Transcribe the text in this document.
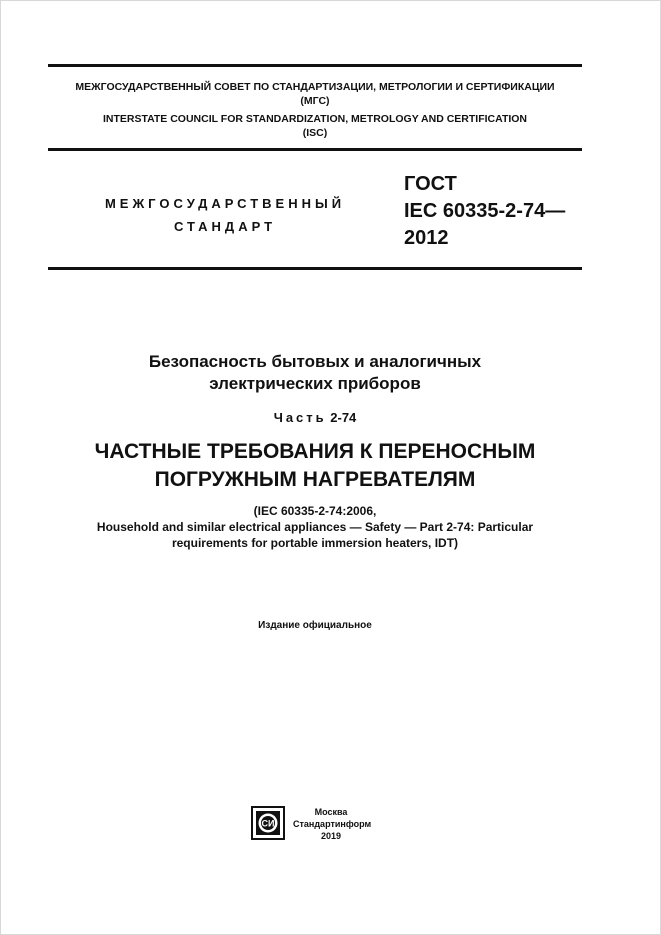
МЕЖГОСУДАРСТВЕННЫЙ СОВЕТ ПО СТАНДАРТИЗАЦИИ, МЕТРОЛОГИИ И СЕРТИФИКАЦИИ
(МГС)
INTERSTATE COUNCIL FOR STANDARDIZATION, METROLOGY AND CERTIFICATION
(ISC)
МЕЖГОСУДАРСТВЕННЫЙ
СТАНДАРТ
ГОСТ
IEC 60335-2-74—
2012
Безопасность бытовых и аналогичных
электрических приборов
Часть 2-74
ЧАСТНЫЕ ТРЕБОВАНИЯ К ПЕРЕНОСНЫМ
ПОГРУЖНЫМ НАГРЕВАТЕЛЯМ
(IEC 60335-2-74:2006,
Household and similar electrical appliances — Safety — Part 2-74: Particular
requirements for portable immersion heaters, IDT)
Издание официальное
СИ
Москва
Стандартинформ
2019
